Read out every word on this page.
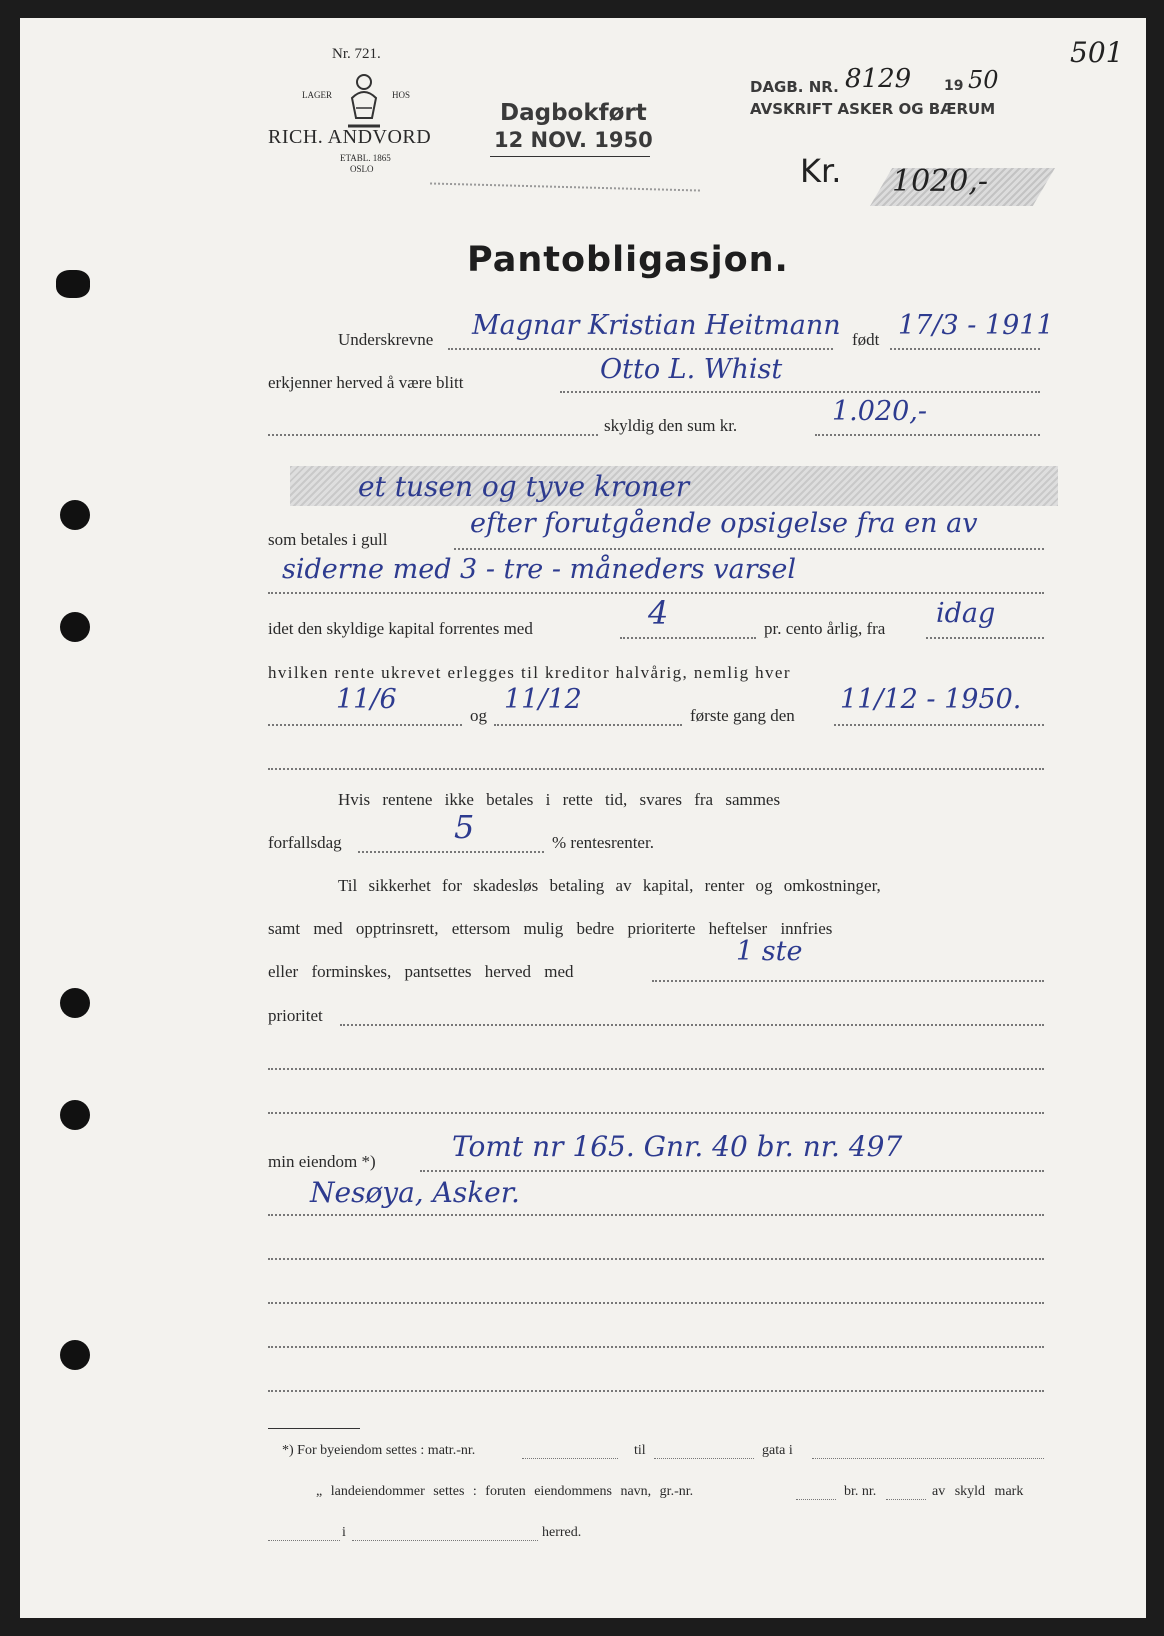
501
Nr. 721.
LAGER	HOS
RICH. ANDVORD
ETABL. 1865
OSLO
Dagbokført
12 NOV. 1950
DAGB. NR. 8129 19 50
AVSKRIFT ASKER OG BÆRUM
Kr. 1020,-
Pantobligasjon.
Underskrevne Magnar Kristian Heitmann født 17/3 - 1911
erkjenner herved å være blitt	Otto L. Whist
skyldig den sum kr.	1.020,-
et tusen og tyve kroner
som betales i gull
efter forutgående opsigelse fra en av
siderne med 3 - tre - måneders varsel
idet den skyldige kapital forrentes med	4	pr. cento årlig, fra idag
hvilken rente ukrevet erlegges til kreditor halvårig, nemlig hver
11/6
og
11/12
første gang den
11/12 - 1950.
Hvis rentene ikke betales i rette tid, svares fra sammes
forfallsdag	5	% rentesrenter.
Til sikkerhet for skadesløs betaling av kapital, renter og omkostninger,
samt med opptrinsrett, ettersom mulig bedre prioriterte heftelser innfries
eller forminskes, pantsettes herved med
1 ste
prioritet
min eiendom *)	Tomt nr 165. Gnr. 40 br. nr. 497
Nesøya, Asker.
*) For byeiendom settes : matr.-nr.	til	gata i
„ landeiendommer settes : foruten eiendommens navn, gr.-nr.	br. nr.	av skyld mark
i	herred.
